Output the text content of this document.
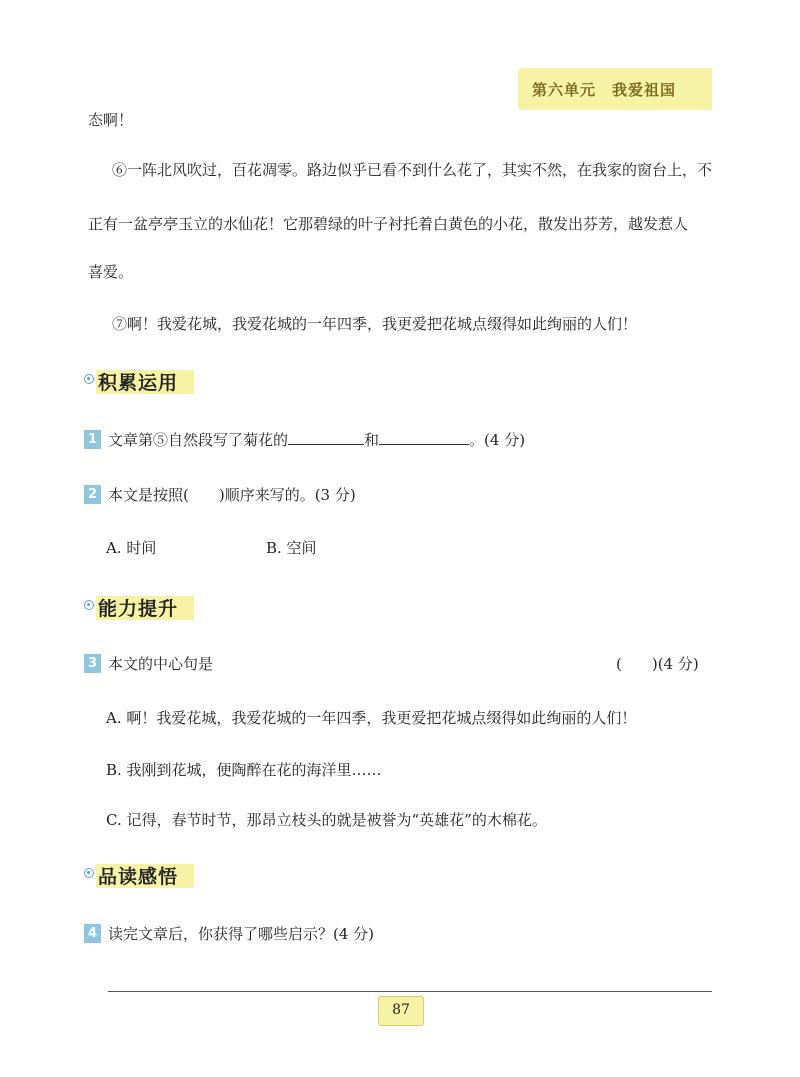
第六单元　我爱祖国
态啊！
⑥一阵北风吹过，百花凋零。路边似乎已看不到什么花了，其实不然，在我家的窗台上，不
正有一盆亭亭玉立的水仙花！它那碧绿的叶子衬托着白黄色的小花，散发出芬芳，越发惹人
喜爱。
⑦啊！我爱花城，我爱花城的一年四季，我更爱把花城点缀得如此绚丽的人们！
积累运用
1 文章第⑤自然段写了菊花的	和	。(4 分)
2 本文是按照(　　)顺序来写的。(3 分)
A. 时间	B. 空间
能力提升
3 本文的中心句是	(　　)(4 分)
A. 啊！我爱花城，我爱花城的一年四季，我更爱把花城点缀得如此绚丽的人们！
B. 我刚到花城，便陶醉在花的海洋里……
C. 记得，春节时节，那昂立枝头的就是被誉为“英雄花”的木棉花。
品读感悟
4 读完文章后，你获得了哪些启示？(4 分)
87
